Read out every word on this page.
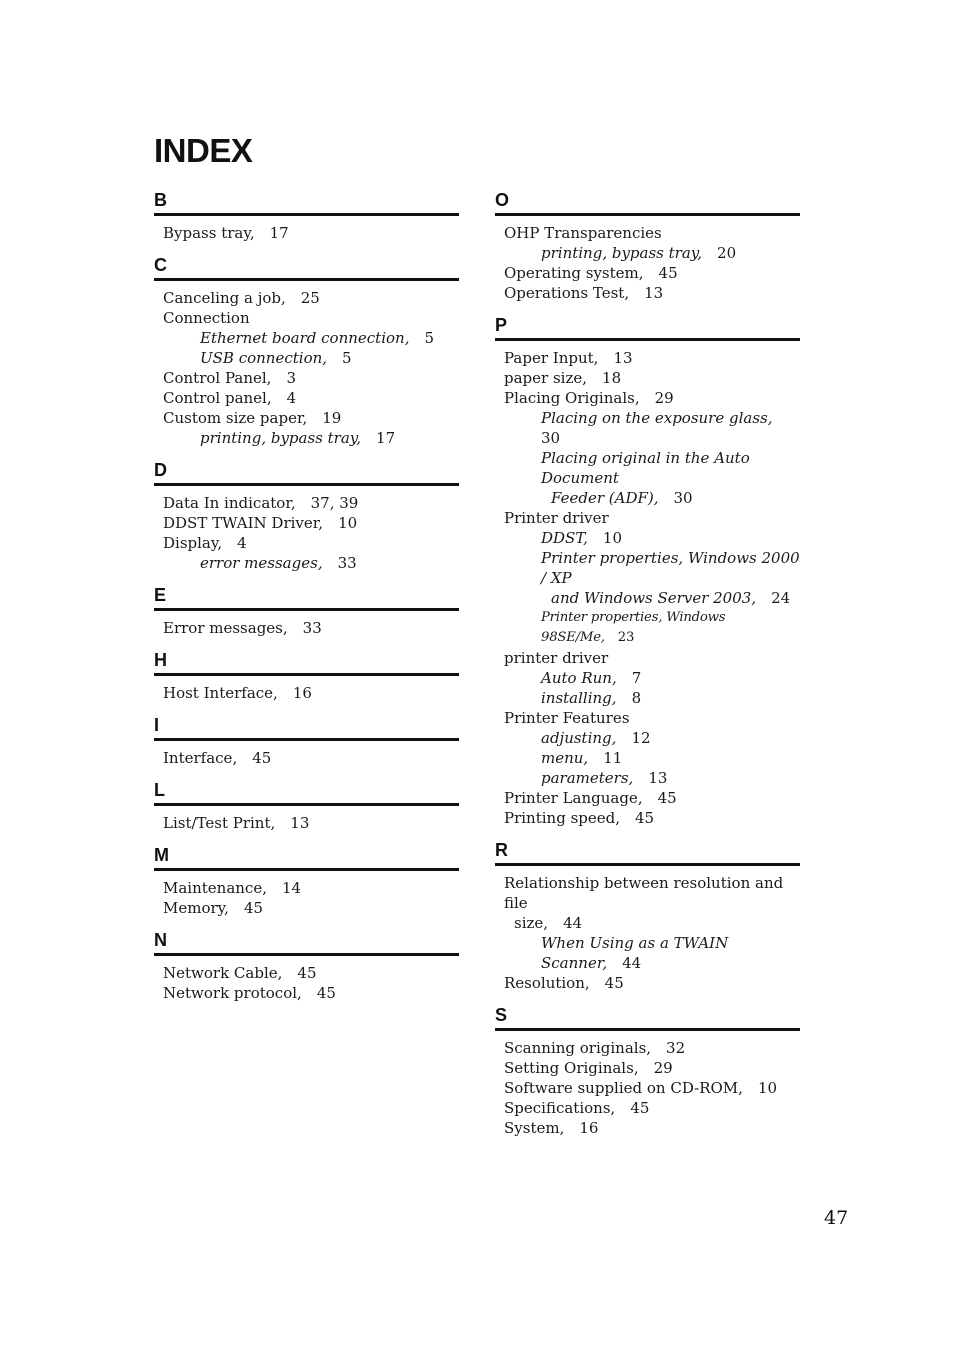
INDEX
B
Bypass tray, 17
C
Canceling a job, 25
Connection
Ethernet board connection, 5
USB connection, 5
Control Panel, 3
Control panel, 4
Custom size paper, 19
printing, bypass tray, 17
D
Data In indicator, 37, 39
DDST TWAIN Driver, 10
Display, 4
error messages, 33
E
Error messages, 33
H
Host Interface, 16
I
Interface, 45
L
List/Test Print, 13
M
Maintenance, 14
Memory, 45
N
Network Cable, 45
Network protocol, 45
O
OHP Transparencies
printing, bypass tray, 20
Operating system, 45
Operations Test, 13
P
Paper Input, 13
paper size, 18
Placing Originals, 29
Placing on the exposure glass, 30
Placing original in the Auto Document
Feeder (ADF), 30
Printer driver
DDST, 10
Printer properties, Windows 2000 / XP
and Windows Server 2003, 24
Printer properties, Windows 98SE/Me, 23
printer driver
Auto Run, 7
installing, 8
Printer Features
adjusting, 12
menu, 11
parameters, 13
Printer Language, 45
Printing speed, 45
R
Relationship between resolution and file
size, 44
When Using as a TWAIN Scanner, 44
Resolution, 45
S
Scanning originals, 32
Setting Originals, 29
Software supplied on CD-ROM, 10
Specifications, 45
System, 16
47
